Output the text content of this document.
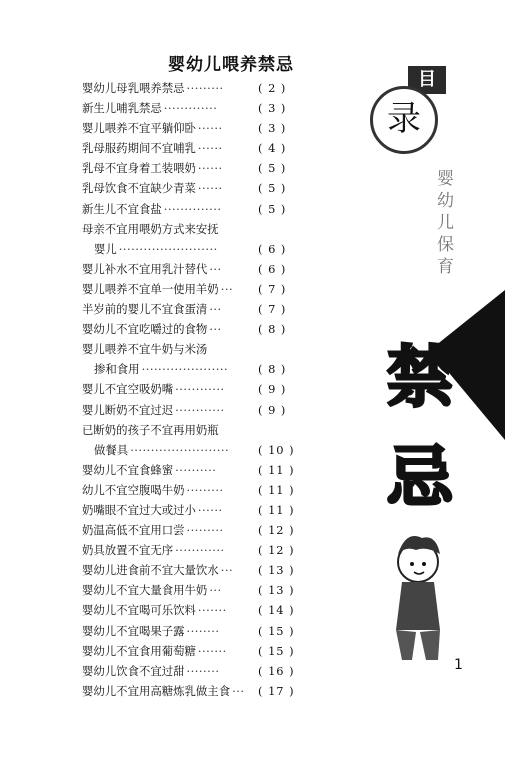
婴幼儿喂养禁忌
婴幼儿母乳喂养禁忌 ·········	( 2 )
新生儿哺乳禁忌 ·············	( 3 )
婴儿喂养不宜平躺仰卧 ······	( 3 )
乳母服药期间不宜哺乳 ······	( 4 )
乳母不宜身着工装喂奶 ······	( 5 )
乳母饮食不宜缺少青菜 ······	( 5 )
新生儿不宜食盐 ··············	( 5 )
母亲不宜用喂奶方式来安抚
婴儿 ························	( 6 )
婴儿补水不宜用乳汁替代 ···	( 6 )
婴儿喂养不宜单一使用羊奶 ··· ( 7 )
半岁前的婴儿不宜食蛋清 ···	( 7 )
婴幼儿不宜吃嚼过的食物 ···	( 8 )
婴儿喂养不宜牛奶与米汤
掺和食用 ·····················	( 8 )
婴儿不宜空吸奶嘴 ············	( 9 )
婴儿断奶不宜过迟 ············	( 9 )
已断奶的孩子不宜再用奶瓶
做餐具 ························	( 10 )
婴幼儿不宜食蜂蜜 ··········	( 11 )
幼儿不宜空腹喝牛奶 ·········	( 11 )
奶嘴眼不宜过大或过小 ······	( 11 )
奶温高低不宜用口尝 ·········	( 12 )
奶具放置不宜无序 ············	( 12 )
婴幼儿进食前不宜大量饮水 ··· ( 13 )
婴幼儿不宜大量食用牛奶 ···	( 13 )
婴幼儿不宜喝可乐饮料 ·······	( 14 )
婴幼儿不宜喝果子露 ········	( 15 )
婴幼儿不宜食用葡萄糖 ·······	( 15 )
婴幼儿饮食不宜过甜 ········	( 16 )
婴幼儿不宜用高糖炼乳做主食 ··· ( 17 )
目
录
婴幼儿保育
禁忌
1
